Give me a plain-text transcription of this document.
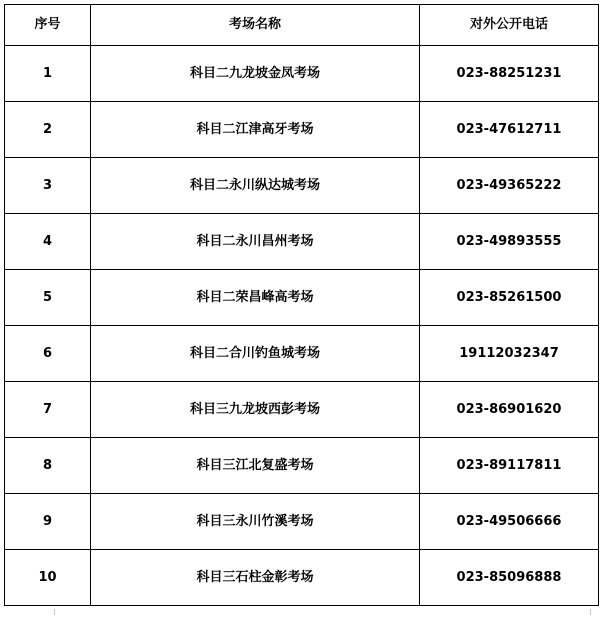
序号	考场名称	对外公开电话
1	科目二九龙坡金凤考场	023-88251231
2	科目二江津高牙考场	023-47612711
3	科目二永川纵达城考场	023-49365222
4	科目二永川昌州考场	023-49893555
5	科目二荣昌峰高考场	023-85261500
6	科目二合川钓鱼城考场	19112032347
7	科目三九龙坡西彭考场	023-86901620
8	科目三江北复盛考场	023-89117811
9	科目三永川竹溪考场	023-49506666
10	科目三石柱金彰考场	023-85096888
